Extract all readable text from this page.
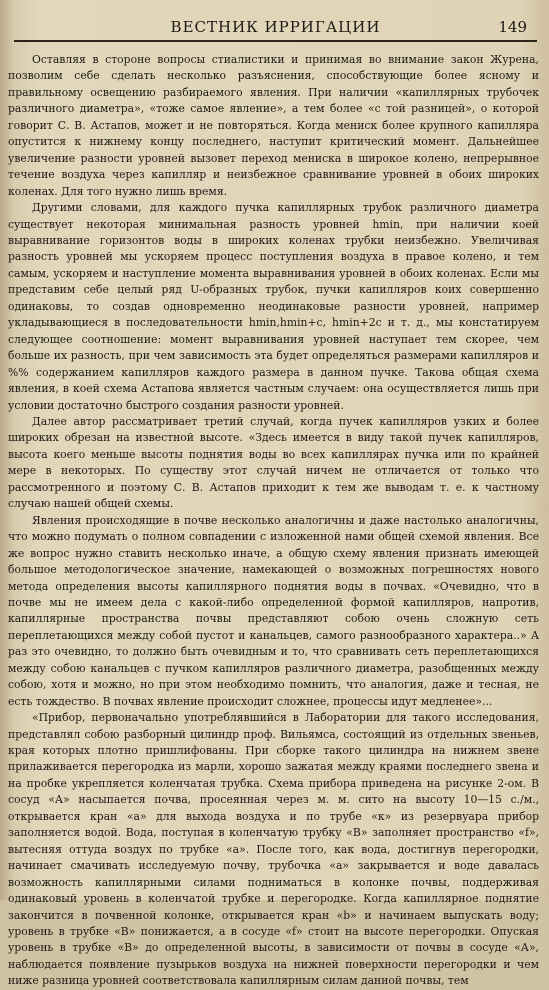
ВЕСТНИК ИРРИГАЦИИ	149

Оставляя в стороне вопросы стиалистики и принимая во внимание закон Журена, позволим себе сделать несколько разъяснения, способствующие более ясному и правильному освещению разбираемого явления. При наличии «капиллярных трубочек различного диаметра», «тоже самое явление», а тем более «с той разницей», о которой говорит С. В. Астапов, может и не повторяться. Когда мениск более крупного капилляра опустится к нижнему концу последнего, наступит критический момент. Дальнейшее увеличение разности уровней вызовет переход мениска в широкое колено, непрерывное течение воздуха через капилляр и неизбежное сравнивание уровней в обоих широких коленах. Для того нужно лишь время.

Другими словами, для каждого пучка капиллярных трубок различного диаметра существует некоторая минимальная разность уровней hmin, при наличии коей выравнивание горизонтов воды в широких коленах трубки неизбежно. Увеличивая разность уровней мы ускоряем процесс поступления воздуха в правое колено, и тем самым, ускоряем и наступление момента выравнивания уровней в обоих коленах. Если мы представим себе целый ряд U-образных трубок, пучки капилляров коих совершенно одинаковы, то создав одновременно неодинаковые разности уровней, например укладывающиеся в последовательности hmin,hmin+c, hmin+2c и т. д., мы констатируем следующее соотношение: момент выравнивания уровней наступает тем скорее, чем больше их разность, при чем зависимость эта будет определяться размерами капилляров и %% содержанием капилляров каждого размера в данном пучке. Такова общая схема явления, в коей схема Астапова является частным случаем: она осуществляется лишь при условии достаточно быстрого создания разности уровней.

Далее автор рассматривает третий случай, когда пучек капилляров узких и более широких обрезан на известной высоте. «Здесь имеется в виду такой пучек капилляров, высота коего меньше высоты поднятия воды во всех капиллярах пучка или по крайней мере в некоторых. По существу этот случай ничем не отличается от только что рассмотренного и поэтому С. В. Астапов приходит к тем же выводам т. е. к частному случаю нашей общей схемы.

Явления происходящие в почве несколько аналогичны и даже настолько аналогичны, что можно подумать о полном совпадении с изложенной нами общей схемой явления. Все же вопрос нужно ставить несколько иначе, а общую схему явления признать имеющей большое методологическое значение, намекающей о возможных погрешностях нового метода определения высоты капиллярного поднятия воды в почвах. «Очевидно, что в почве мы не имеем дела с какой-либо определенной формой капилляров, напротив, капиллярные пространства почвы представляют собою очень сложную сеть переплетающихся между собой пустот и канальцев, самого разнообразного характера..» А раз это очевидно, то должно быть очевидным и то, что сравнивать сеть переплетающихся между собою канальцев с пучком капилляров различного диаметра, разобщенных между собою, хотя и можно, но при этом необходимо помнить, что аналогия, даже и тесная, не есть тождество. В почвах явление происходит сложнее, процессы идут медленее»...

«Прибор, первоначально употреблявшийся в Лаборатории для такого исследования, представлял собою разборный цилиндр проф. Вильямса, состоящий из отдельных звеньев, края которых плотно пришлифованы. При сборке такого цилиндра на нижнем звене прилаживается перегородка из марли, хорошо зажатая между краями последнего звена и на пробке укрепляется коленчатая трубка. Схема прибора приведена на рисунке 2-ом. В сосуд «А» насыпается почва, просеянная через м. м. сито на высоту 10—15 с./м., открывается кран «а» для выхода воздуха и по трубе «к» из резервуара прибор заполняется водой. Вода, поступая в коленчатую трубку «В» заполняет пространство «f», вытесняя оттуда воздух по трубке «а». После того, как вода, достигнув перегородки, начинает смачивать исследуемую почву, трубочка «а» закрывается и воде давалась возможность капиллярными силами подниматься в колонке почвы, поддерживая одинаковый уровень в коленчатой трубке и перегородке. Когда капиллярное поднятие закончится в почвенной колонке, открывается кран «b» и начинаем выпускать воду; уровень в трубке «В» понижается, а в сосуде «f» стоит на высоте перегородки. Опуская уровень в трубке «В» до определенной высоты, в зависимости от почвы в сосуде «А», наблюдается появление пузырьков воздуха на нижней поверхности перегородки и чем ниже разница уровней соответствовала капиллярным силам данной почвы, тем
